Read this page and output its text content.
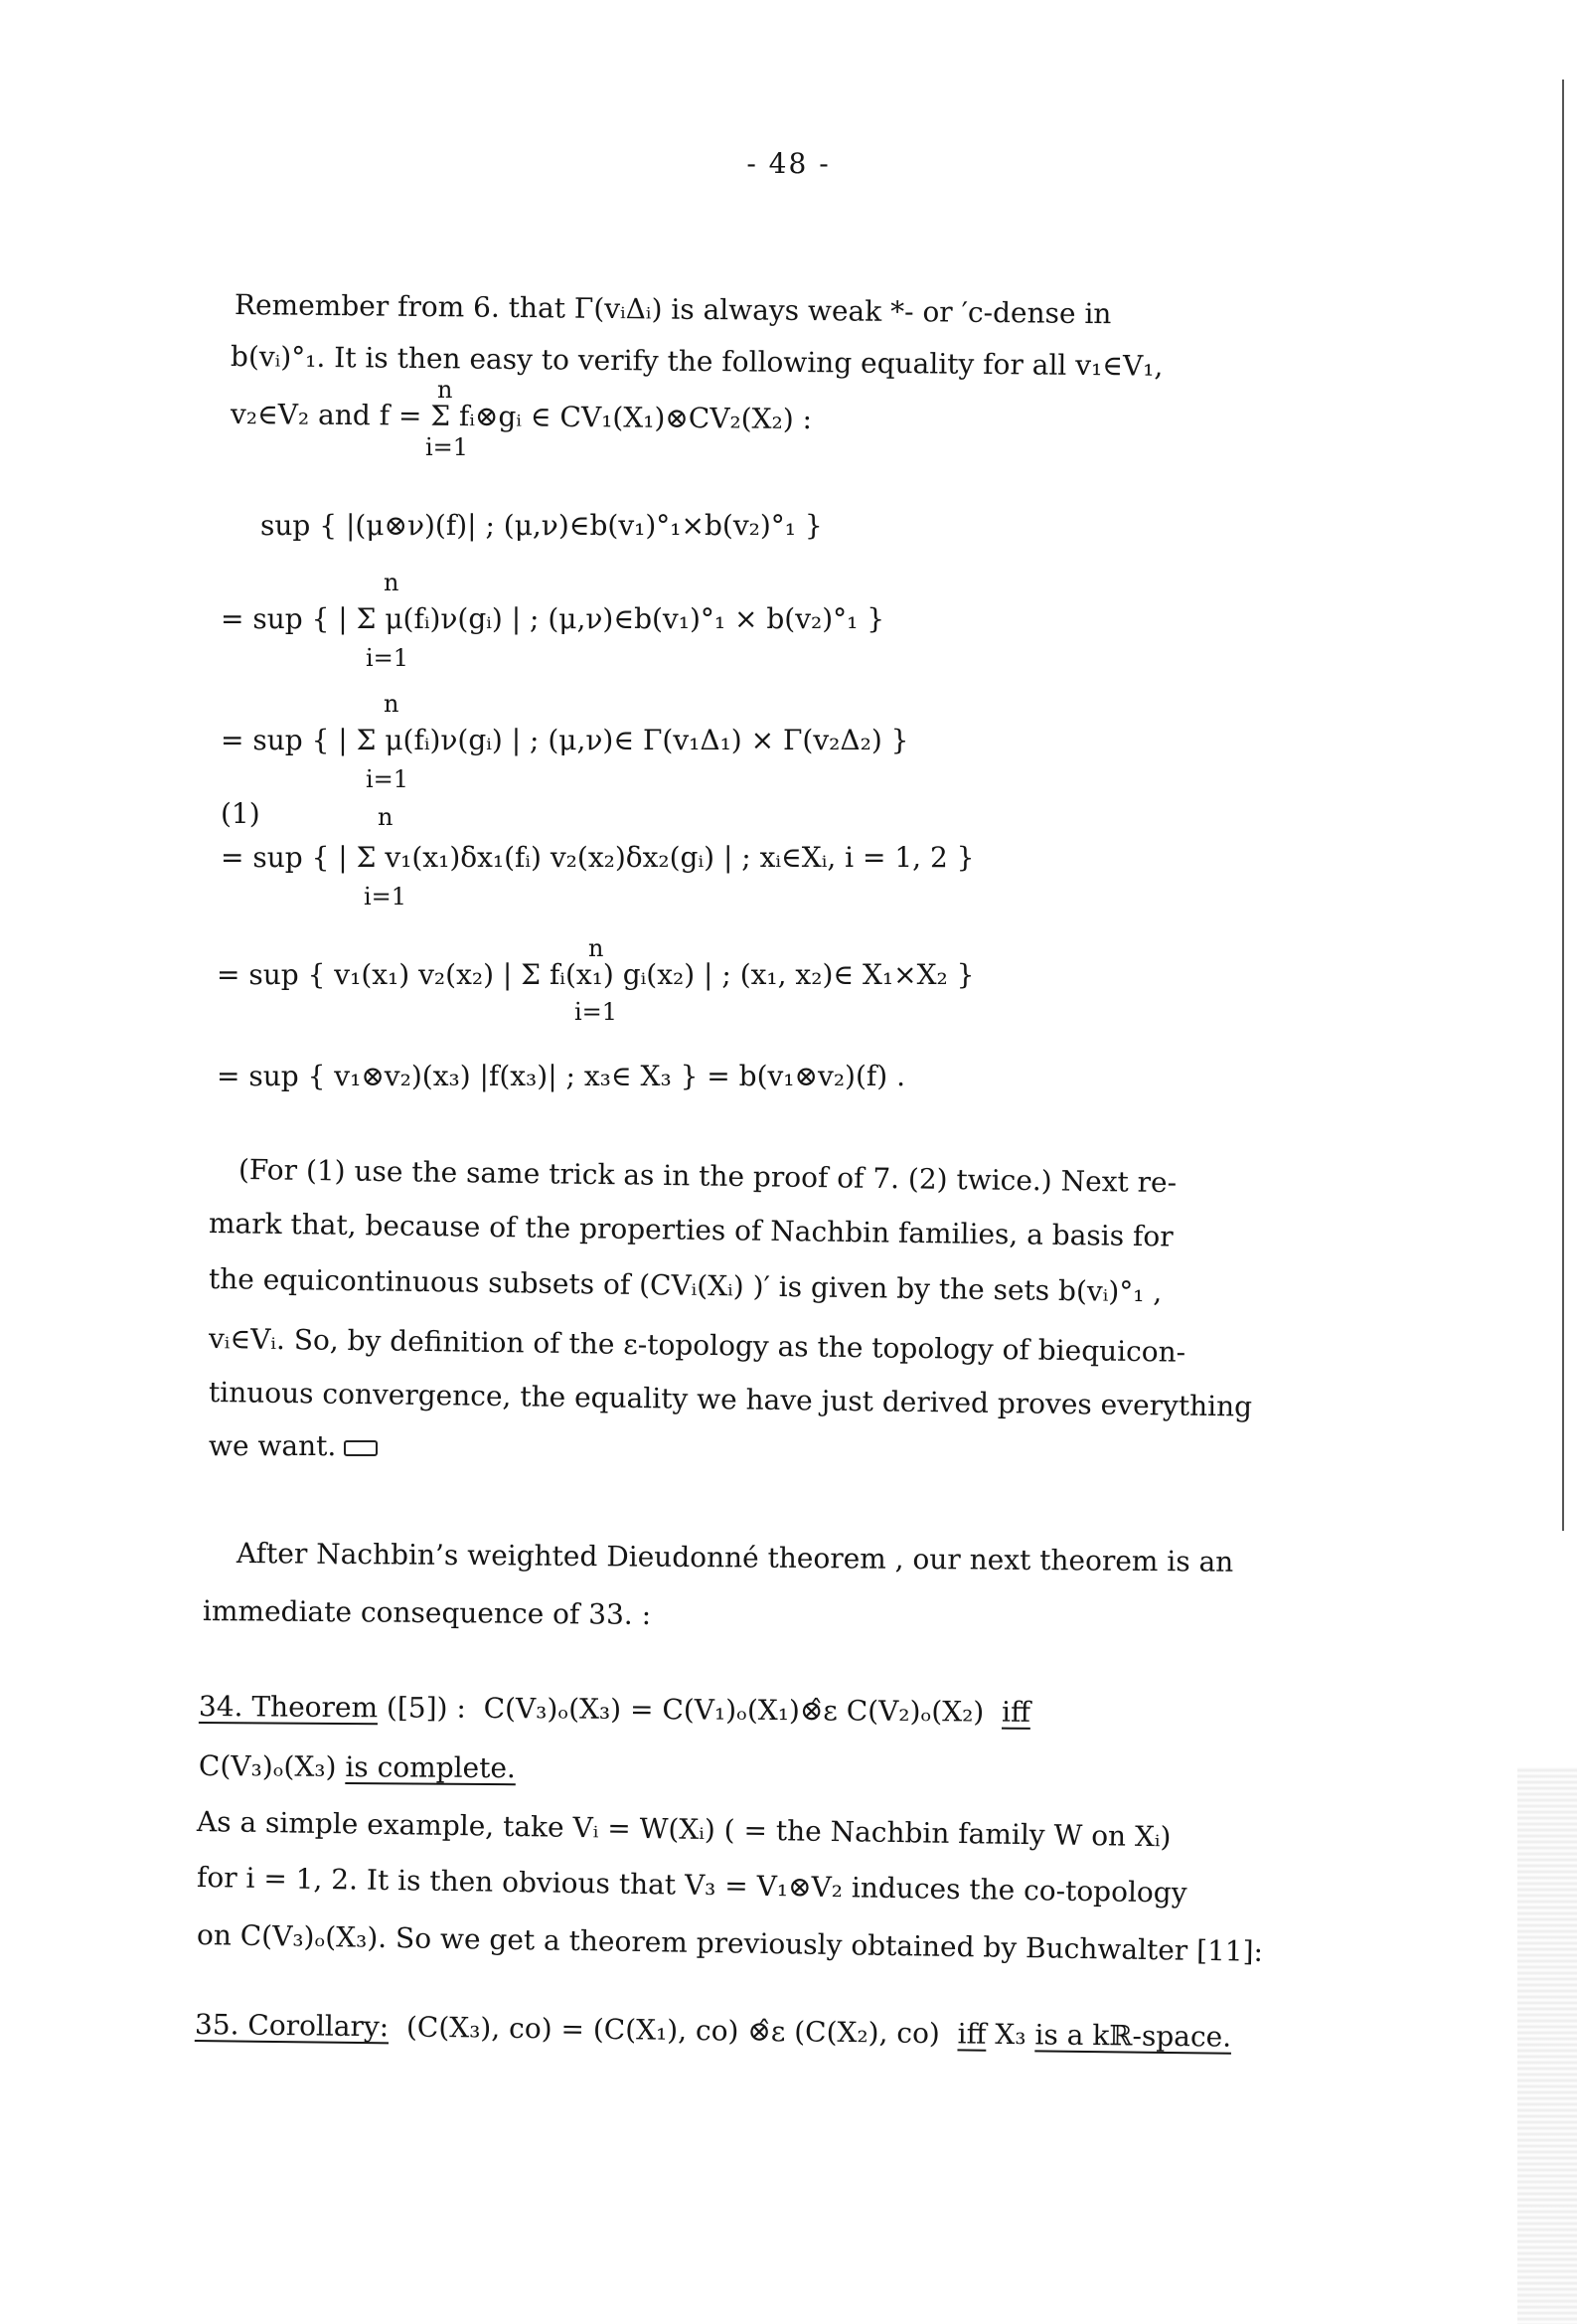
- 48 -
Remember from 6. that Γ(vᵢΔᵢ) is always weak *- or ′c-dense in
b(vᵢ)°₁. It is then easy to verify the following equality for all v₁∈V₁,
n
v₂∈V₂ and f = Σ fᵢ⊗gᵢ ∈ CV₁(X₁)⊗CV₂(X₂) :
i=1
sup { |(μ⊗ν)(f)| ; (μ,ν)∈b(v₁)°₁×b(v₂)°₁ }
n
= sup { | Σ μ(fᵢ)ν(gᵢ) | ; (μ,ν)∈b(v₁)°₁ × b(v₂)°₁ }
i=1
n
= sup { | Σ μ(fᵢ)ν(gᵢ) | ; (μ,ν)∈ Γ(v₁Δ₁) × Γ(v₂Δ₂) }
i=1
(1)	n
= sup { | Σ v₁(x₁)δx₁(fᵢ) v₂(x₂)δx₂(gᵢ) | ; xᵢ∈Xᵢ, i = 1, 2 }
i=1
n
= sup { v₁(x₁) v₂(x₂) | Σ fᵢ(x₁) gᵢ(x₂) | ; (x₁, x₂)∈ X₁×X₂ }
i=1
= sup { v₁⊗v₂)(x₃) |f(x₃)| ; x₃∈ X₃ } = b(v₁⊗v₂)(f) .
(For (1) use the same trick as in the proof of 7. (2) twice.) Next re-
mark that, because of the properties of Nachbin families, a basis for
the equicontinuous subsets of (CVᵢ(Xᵢ) )′ is given by the sets b(vᵢ)°₁ ,
vᵢ∈Vᵢ. So, by definition of the ε-topology as the topology of biequicon-
tinuous convergence, the equality we have just derived proves everything
we want.
After Nachbin’s weighted Dieudonné theorem , our next theorem is an
immediate consequence of 33. :
34. Theorem ([5]) : C(V₃)ₒ(X₃) = C(V₁)ₒ(X₁)⊗̂ε C(V₂)ₒ(X₂) iff
C(V₃)ₒ(X₃) is complete.
As a simple example, take Vᵢ = W(Xᵢ) ( = the Nachbin family W on Xᵢ)
for i = 1, 2. It is then obvious that V₃ = V₁⊗V₂ induces the co-topology
on C(V₃)ₒ(X₃). So we get a theorem previously obtained by Buchwalter [11]:
35. Corollary: (C(X₃), co) = (C(X₁), co) ⊗̂ε (C(X₂), co) iff X₃ is a kℝ-space.
